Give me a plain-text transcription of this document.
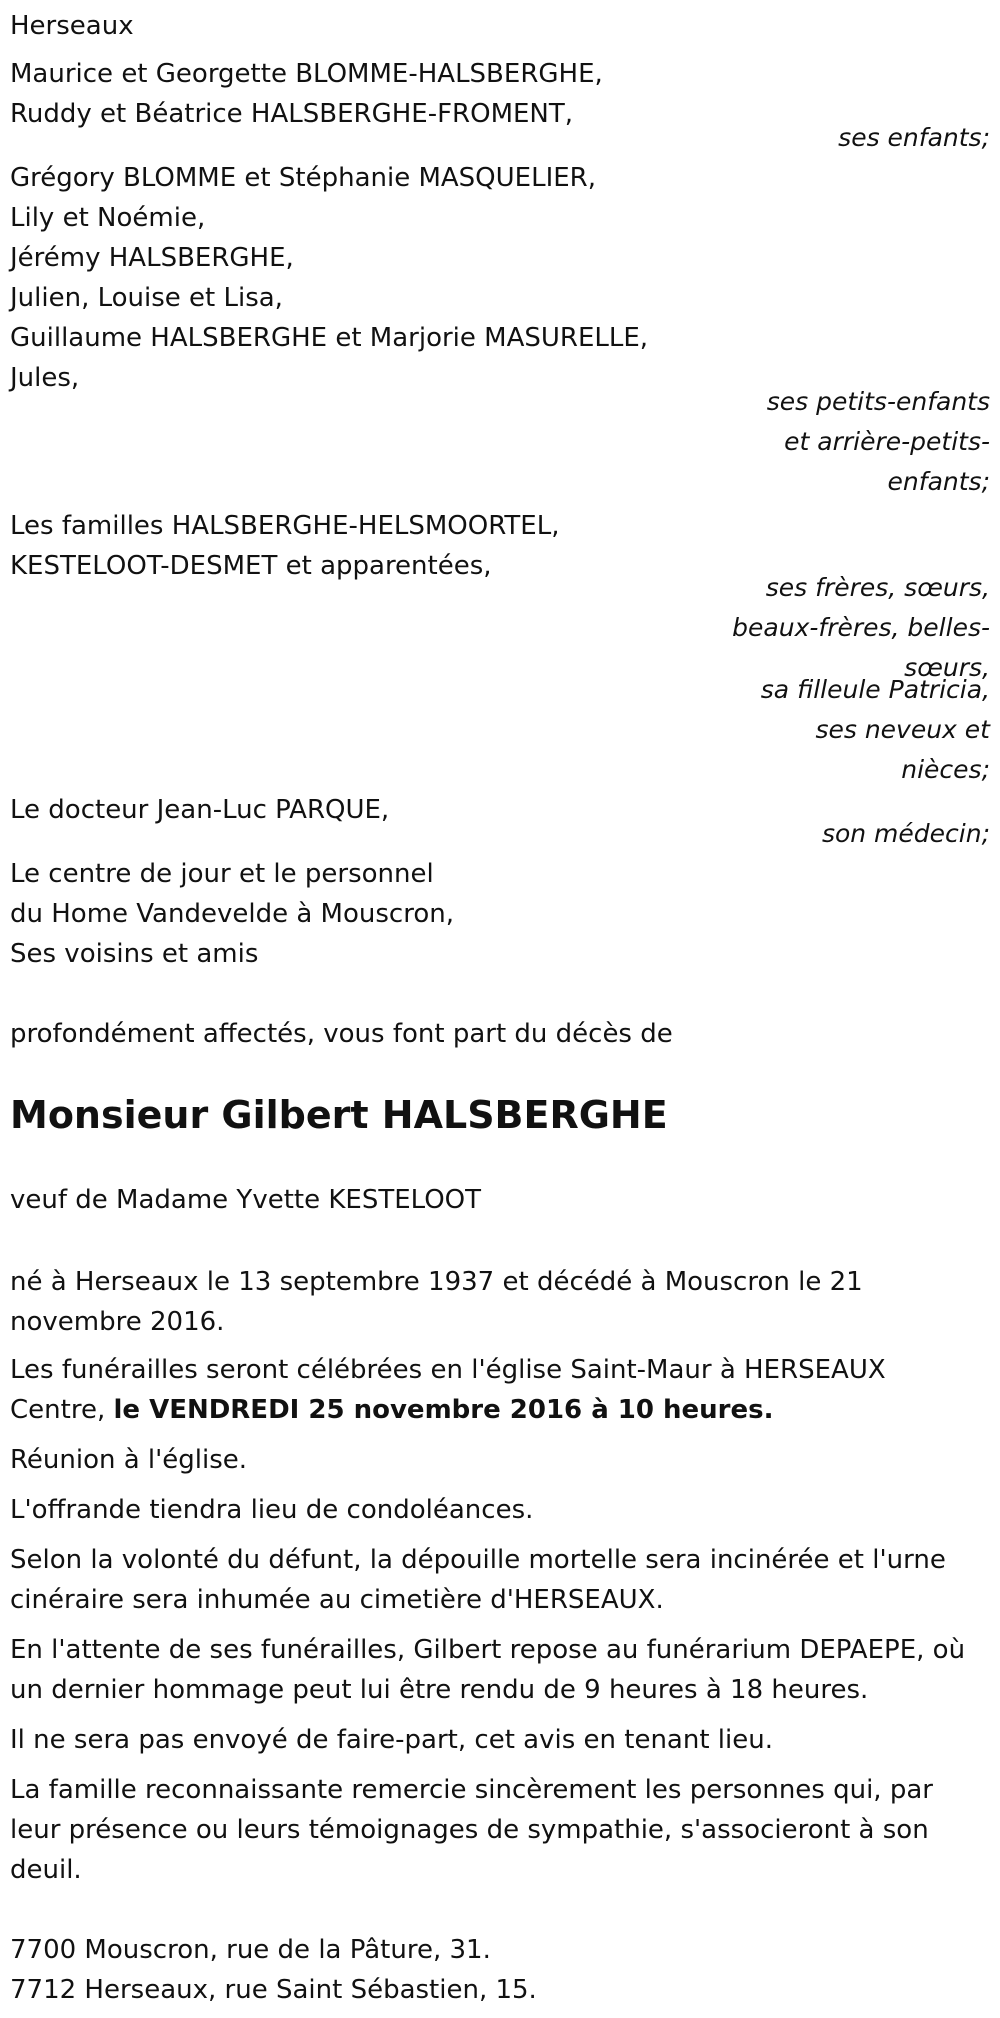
Herseaux
Maurice et Georgette BLOMME-HALSBERGHE,
Ruddy et Béatrice HALSBERGHE-FROMENT,
ses enfants;
Grégory BLOMME et Stéphanie MASQUELIER,
Lily et Noémie,
Jérémy HALSBERGHE,
Julien, Louise et Lisa,
Guillaume HALSBERGHE et Marjorie MASURELLE,
Jules,
ses petits-enfants
et arrière-petits-
enfants;
Les familles HALSBERGHE-HELSMOORTEL,
KESTELOOT-DESMET et apparentées,
ses frères, sœurs,
beaux-frères, belles-
sœurs,
sa filleule Patricia,
ses neveux et
nièces;
Le docteur Jean-Luc PARQUE,
son médecin;
Le centre de jour et le personnel
du Home Vandevelde à Mouscron,
Ses voisins et amis
profondément affectés, vous font part du décès de
Monsieur Gilbert HALSBERGHE
veuf de Madame Yvette KESTELOOT
né à Herseaux le 13 septembre 1937 et décédé à Mouscron le 21
novembre 2016.
Les funérailles seront célébrées en l'église Saint-Maur à HERSEAUX
Centre, le VENDREDI 25 novembre 2016 à 10 heures.
Réunion à l'église.
L'offrande tiendra lieu de condoléances.
Selon la volonté du défunt, la dépouille mortelle sera incinérée et l'urne
cinéraire sera inhumée au cimetière d'HERSEAUX.
En l'attente de ses funérailles, Gilbert repose au funérarium DEPAEPE, où
un dernier hommage peut lui être rendu de 9 heures à 18 heures.
Il ne sera pas envoyé de faire-part, cet avis en tenant lieu.
La famille reconnaissante remercie sincèrement les personnes qui, par
leur présence ou leurs témoignages de sympathie, s'associeront à son
deuil.
7700 Mouscron, rue de la Pâture, 31.
7712 Herseaux, rue Saint Sébastien, 15.
